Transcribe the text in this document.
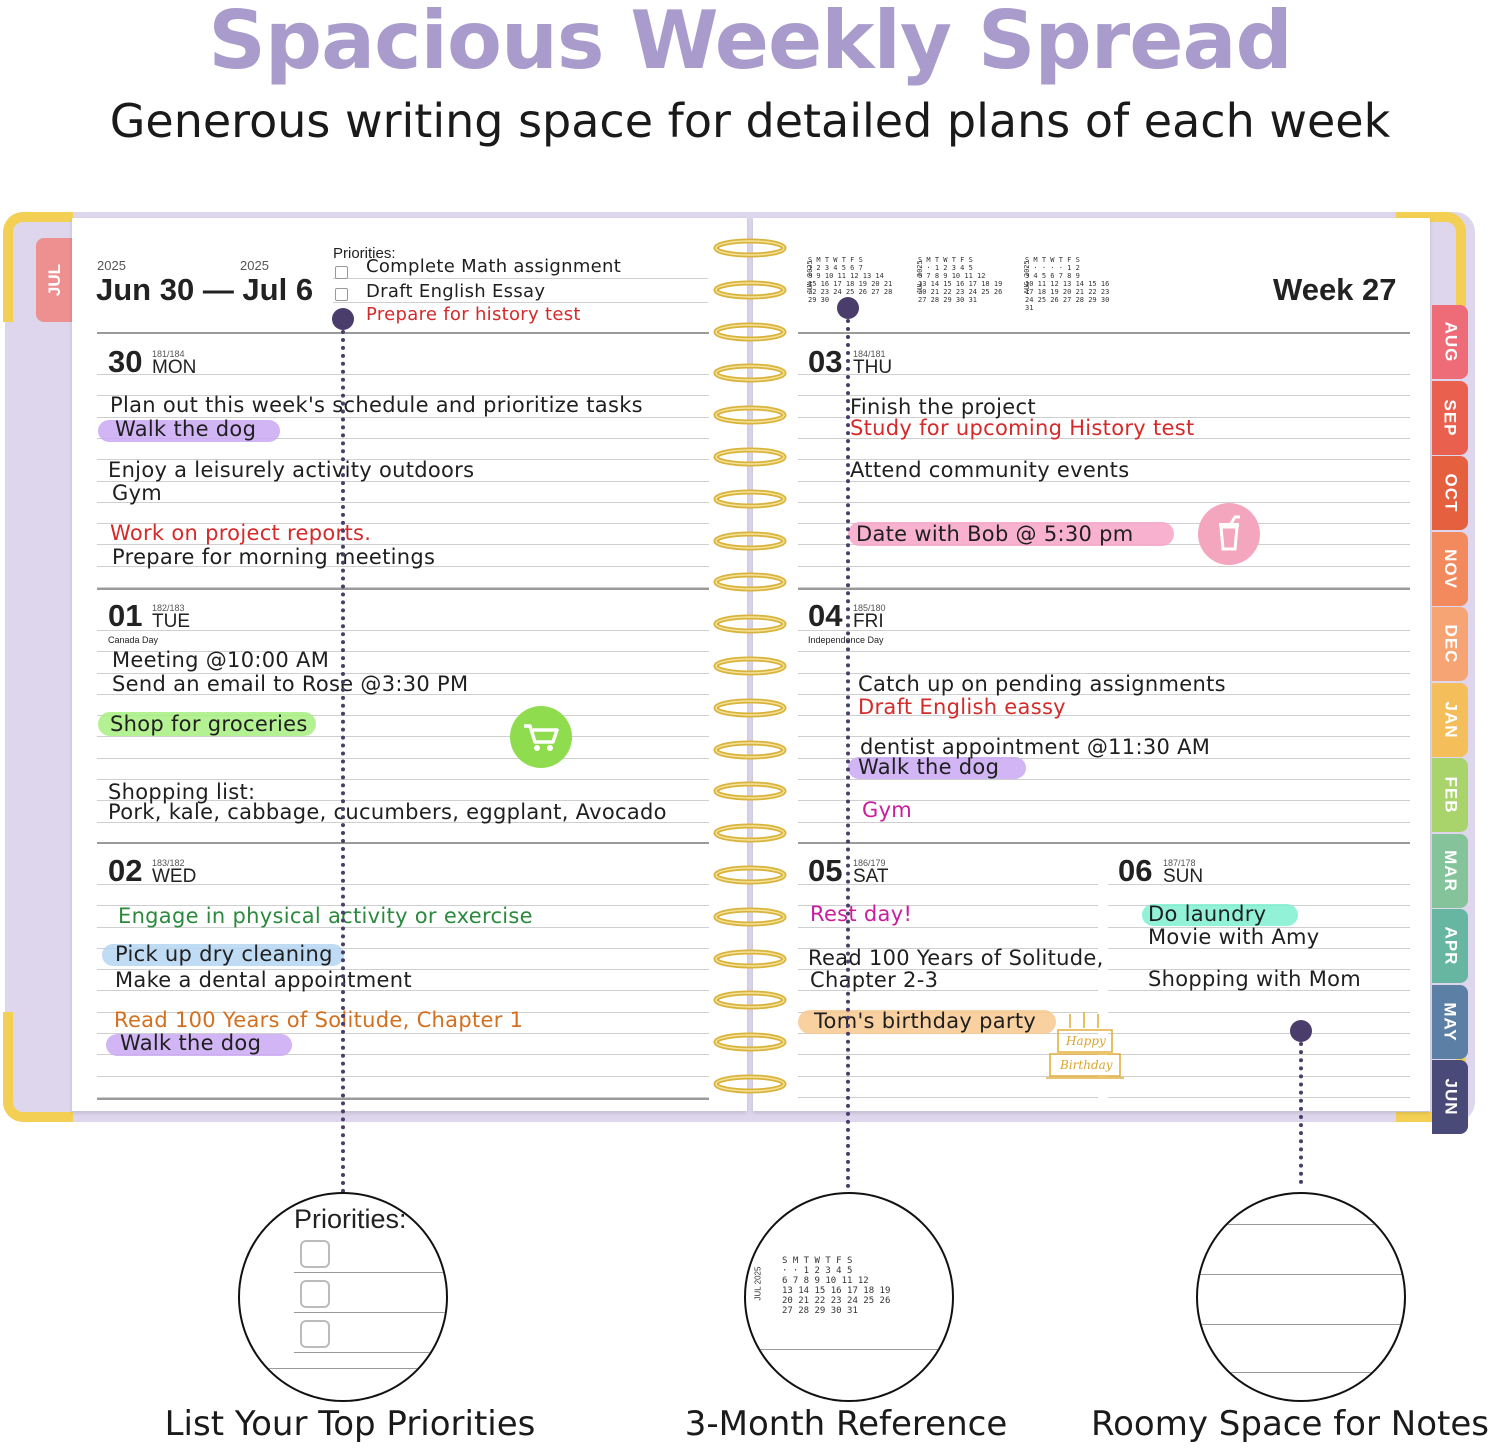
Spacious Weekly Spread
Generous writing space for detailed plans of each week
JUL
AUG
SEP
OCT
NOV
DEC
JAN
FEB
MAR
APR
MAY
JUN
2025	2025
Jun 30 — Jul 6
Priorities:
Complete Math assignment
Draft English Essay
Prepare for history test
30 181/184
MON
Plan out this week's schedule and prioritize tasks
Walk the dog
Enjoy a leisurely activity outdoors
Gym
Work on project reports.
Prepare for morning meetings
01 182/183
TUE
Canada Day
Meeting @10:00 AM
Send an email to Rose @3:30 PM
Shop for groceries
Shopping list:
Pork, kale, cabbage, cucumbers, eggplant, Avocado
02 183/182
WED
Engage in physical activity or exercise
Pick up dry cleaning
Make a dental appointment
Read 100 Years of Solitude, Chapter 1
Walk the dog
Week 27
JUN 2025
S M T W T F S
1 2 3 4 5 6 7
8 9 10 11 12 13 14
15 16 17 18 19 20 21
22 23 24 25 26 27 28
29 30
JUL 2025
S M T W T F S
· · 1 2 3 4 5
6 7 8 9 10 11 12
13 14 15 16 17 18 19
20 21 22 23 24 25 26
27 28 29 30 31
AUG 2025
S M T W T F S
· · · · · 1 2
3 4 5 6 7 8 9
10 11 12 13 14 15 16
17 18 19 20 21 22 23
24 25 26 27 28 29 30
31
03 184/181
THU
Finish the project
Study for upcoming History test
Attend community events
Date with Bob @ 5:30 pm
04 185/180
FRI
Independence Day
Catch up on pending assignments
Draft English eassy
dentist appointment @11:30 AM
Walk the dog
Gym
05 186/179
SAT
Rest day!
Read 100 Years of Solitude,
Chapter 2-3
Tom's birthday party
Happy
Birthday
06 187/178
SUN
Do laundry
Movie with Amy
Shopping with Mom
Priorities:
JUL 2025
S M T W T F S
· · 1 2 3 4 5
6 7 8 9 10 11 12
13 14 15 16 17 18 19
20 21 22 23 24 25 26
27 28 29 30 31
List Your Top Priorities	3-Month Reference	Roomy Space for Notes
